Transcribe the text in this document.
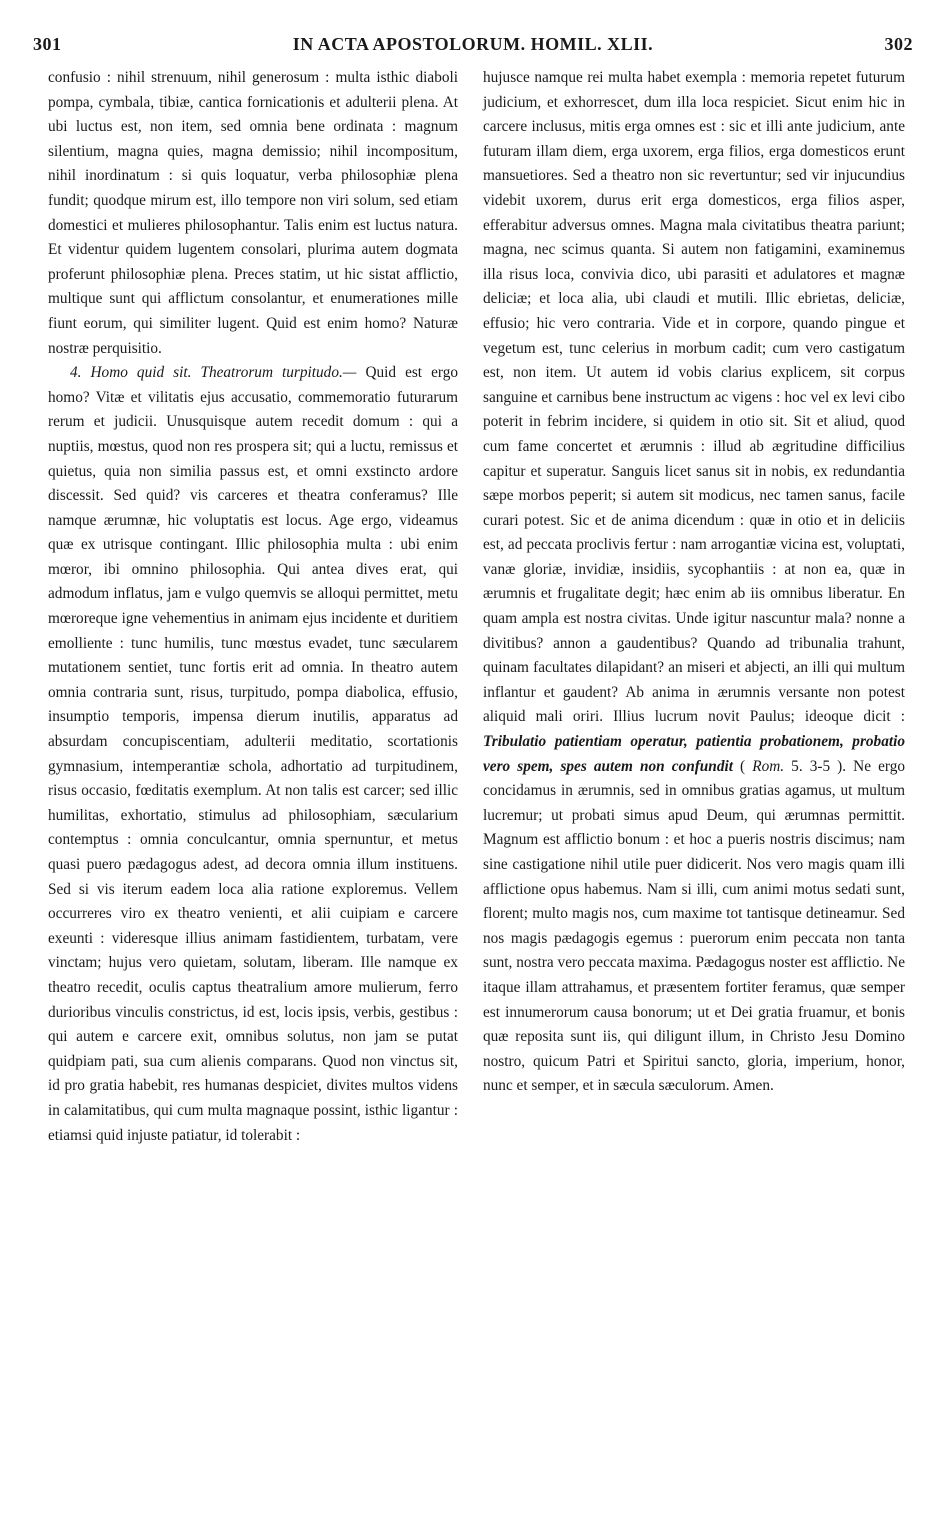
301	IN ACTA APOSTOLORUM. HOMIL. XLII.	302

confusio : nihil strenuum, nihil generosum : multa isthic diaboli pompa, cymbala, tibiæ, cantica fornicationis et adulterii plena. At ubi luctus est, non item, sed omnia bene ordinata : magnum silentium, magna quies, magna demissio; nihil incompositum, nihil inordinatum : si quis loquatur, verba philosophiæ plena fundit; quodque mirum est, illo tempore non viri solum, sed etiam domestici et mulieres philosophantur. Talis enim est luctus natura. Et videntur quidem lugentem consolari, plurima autem dogmata proferunt philosophiæ plena. Preces statim, ut hic sistat afflictio, multique sunt qui afflictum consolantur, et enumerationes mille fiunt eorum, qui similiter lugent. Quid est enim homo? Naturæ nostræ perquisitio.

4. Homo quid sit. Theatrorum turpitudo.— Quid est ergo homo? Vitæ et vilitatis ejus accusatio, commemoratio futurarum rerum et judicii. Unusquisque autem recedit domum : qui a nuptiis, mœstus, quod non res prospera sit; qui a luctu, remissus et quietus, quia non similia passus est, et omni exstincto ardore discessit. Sed quid? vis carceres et theatra conferamus? Ille namque ærumnæ, hic voluptatis est locus. Age ergo, videamus quæ ex utrisque contingant. Illic philosophia multa : ubi enim mœror, ibi omnino philosophia. Qui antea dives erat, qui admodum inflatus, jam e vulgo quemvis se alloqui permittet, metu mœroreque igne vehementius in animam ejus incidente et duritiem emolliente : tunc humilis, tunc mœstus evadet, tunc sæcularem mutationem sentiet, tunc fortis erit ad omnia. In theatro autem omnia contraria sunt, risus, turpitudo, pompa diabolica, effusio, insumptio temporis, impensa dierum inutilis, apparatus ad absurdam concupiscentiam, adulterii meditatio, scortationis gymnasium, intemperantiæ schola, adhortatio ad turpitudinem, risus occasio, fœditatis exemplum. At non talis est carcer; sed illic humilitas, exhortatio, stimulus ad philosophiam, sæcularium contemptus : omnia conculcantur, omnia spernuntur, et metus quasi puero pædagogus adest, ad decora omnia illum instituens. Sed si vis iterum eadem loca alia ratione exploremus. Vellem occurreres viro ex theatro venienti, et alii cuipiam e carcere exeunti : videresque illius animam fastidientem, turbatam, vere vinctam; hujus vero quietam, solutam, liberam. Ille namque ex theatro recedit, oculis captus theatralium amore mulierum, ferro durioribus vinculis constrictus, id est, locis ipsis, verbis, gestibus : qui autem e carcere exit, omnibus solutus, non jam se putat quidpiam pati, sua cum alienis comparans. Quod non vinctus sit, id pro gratia habebit, res humanas despiciet, divites multos videns in calamitatibus, qui cum multa magnaque possint, isthic ligantur : etiamsi quid injuste patiatur, id tolerabit :

hujusce namque rei multa habet exempla : memoria repetet futurum judicium, et exhorrescet, dum illa loca respiciet. Sicut enim hic in carcere inclusus, mitis erga omnes est : sic et illi ante judicium, ante futuram illam diem, erga uxorem, erga filios, erga domesticos erunt mansuetiores. Sed a theatro non sic revertuntur; sed vir injucundius videbit uxorem, durus erit erga domesticos, erga filios asper, efferabitur adversus omnes. Magna mala civitatibus theatra pariunt; magna, nec scimus quanta. Si autem non fatigamini, examinemus illa risus loca, convivia dico, ubi parasiti et adulatores et magnæ deliciæ; et loca alia, ubi claudi et mutili. Illic ebrietas, deliciæ, effusio; hic vero contraria. Vide et in corpore, quando pingue et vegetum est, tunc celerius in morbum cadit; cum vero castigatum est, non item. Ut autem id vobis clarius explicem, sit corpus sanguine et carnibus bene instructum ac vigens : hoc vel ex levi cibo poterit in febrim incidere, si quidem in otio sit. Sit et aliud, quod cum fame concertet et ærumnis : illud ab ægritudine difficilius capitur et superatur. Sanguis licet sanus sit in nobis, ex redundantia sæpe morbos peperit; si autem sit modicus, nec tamen sanus, facile curari potest. Sic et de anima dicendum : quæ in otio et in deliciis est, ad peccata proclivis fertur : nam arrogantiæ vicina est, voluptati, vanæ gloriæ, invidiæ, insidiis, sycophantiis : at non ea, quæ in ærumnis et frugalitate degit; hæc enim ab iis omnibus liberatur. En quam ampla est nostra civitas. Unde igitur nascuntur mala? nonne a divitibus? annon a gaudentibus? Quando ad tribunalia trahunt, quinam facultates dilapidant? an miseri et abjecti, an illi qui multum inflantur et gaudent? Ab anima in ærumnis versante non potest aliquid mali oriri. Illius lucrum novit Paulus; ideoque dicit : Tribulatio patientiam operatur, patientia probationem, probatio vero spem, spes autem non confundit ( Rom. 5. 3-5 ). Ne ergo concidamus in ærumnis, sed in omnibus gratias agamus, ut multum lucremur; ut probati simus apud Deum, qui ærumnas permittit. Magnum est afflictio bonum : et hoc a pueris nostris discimus; nam sine castigatione nihil utile puer didicerit. Nos vero magis quam illi afflictione opus habemus. Nam si illi, cum animi motus sedati sunt, florent; multo magis nos, cum maxime tot tantisque detineamur. Sed nos magis pædagogis egemus : puerorum enim peccata non tanta sunt, nostra vero peccata maxima. Pædagogus noster est afflictio. Ne itaque illam attrahamus, et præsentem fortiter feramus, quæ semper est innumerorum causa bonorum; ut et Dei gratia fruamur, et bonis quæ reposita sunt iis, qui diligunt illum, in Christo Jesu Domino nostro, quicum Patri et Spiritui sancto, gloria, imperium, honor, nunc et semper, et in sæcula sæculorum. Amen.
